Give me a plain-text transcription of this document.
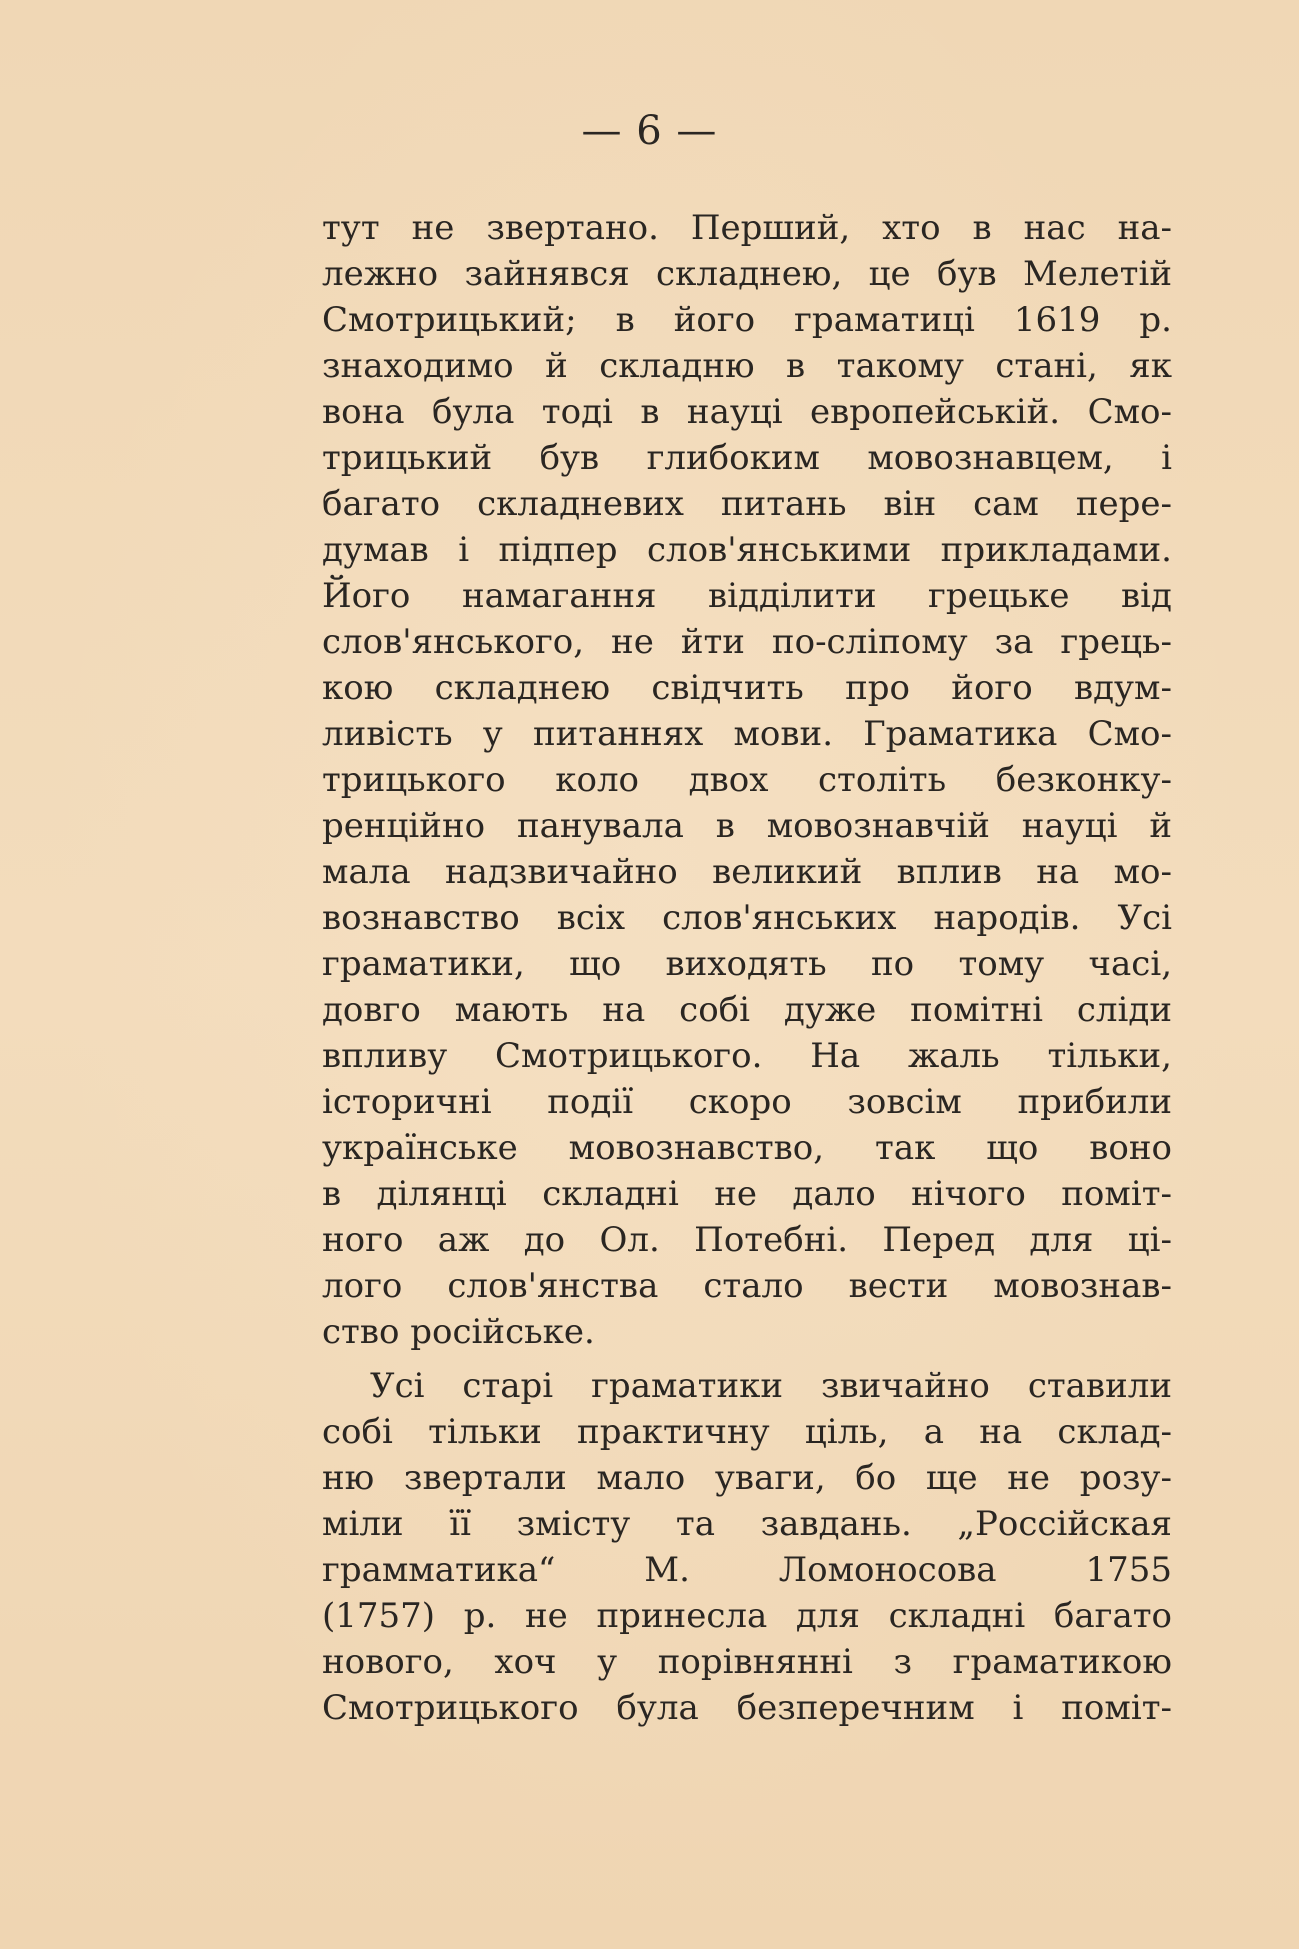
— 6 —
тут не звертано. Перший, хто в нас на-
лежно зайнявся складнею, це був Мелетій
Смотрицький; в його граматиці 1619 р.
знаходимо й складню в такому стані, як
вона була тоді в науці европейській. Смо-
трицький був глибоким мовознавцем, і
багато складневих питань він сам пере-
думав і підпер слов'янськими прикладами.
Його намагання відділити грецьке від
слов'янського, не йти по-сліпому за грець-
кою складнею свідчить про його вдум-
ливість у питаннях мови. Граматика Смо-
трицького коло двох століть безконку-
ренційно панувала в мовознавчій науці й
мала надзвичайно великий вплив на мо-
вознавство всіх слов'янських народів. Усі
граматики, що виходять по тому часі,
довго мають на собі дуже помітні сліди
впливу Смотрицького. На жаль тільки,
історичні події скоро зовсім прибили
українське мовознавство, так що воно
в ділянці складні не дало нічого поміт-
ного аж до Ол. Потебні. Перед для ці-
лого слов'янства стало вести мовознав-
ство російське.
Усі старі граматики звичайно ставили
собі тільки практичну ціль, а на склад-
ню звертали мало уваги, бо ще не розу-
міли її змісту та завдань. „Россійская
грамматика“ М. Ломоносова 1755
(1757) р. не принесла для складні багато
нового, хоч у порівнянні з граматикою
Смотрицького була безперечним і поміт-
